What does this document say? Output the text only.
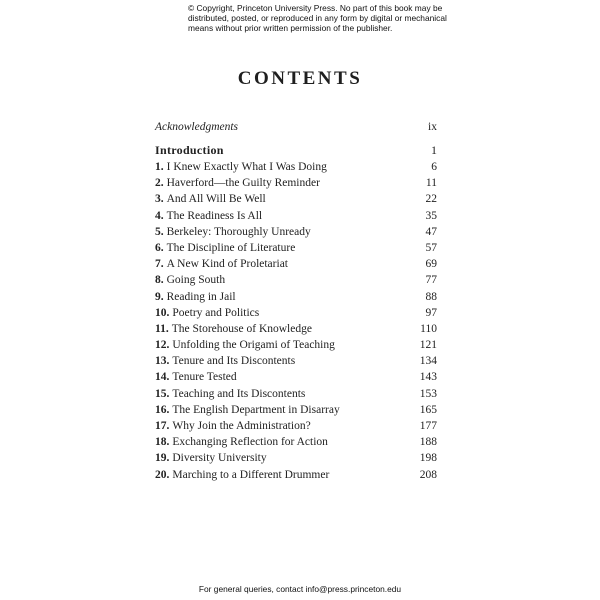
© Copyright, Princeton University Press. No part of this book may be
distributed, posted, or reproduced in any form by digital or mechanical
means without prior written permission of the publisher.
CONTENTS
Acknowledgments	ix
Introduction	1
1. I Knew Exactly What I Was Doing	6
2. Haverford—the Guilty Reminder	11
3. And All Will Be Well	22
4. The Readiness Is All	35
5. Berkeley: Thoroughly Unready	47
6. The Discipline of Literature	57
7. A New Kind of Proletariat	69
8. Going South	77
9. Reading in Jail	88
10. Poetry and Politics	97
11. The Storehouse of Knowledge	110
12. Unfolding the Origami of Teaching	121
13. Tenure and Its Discontents	134
14. Tenure Tested	143
15. Teaching and Its Discontents	153
16. The English Department in Disarray	165
17. Why Join the Administration?	177
18. Exchanging Reflection for Action	188
19. Diversity University	198
20. Marching to a Different Drummer	208
For general queries, contact info@press.princeton.edu
